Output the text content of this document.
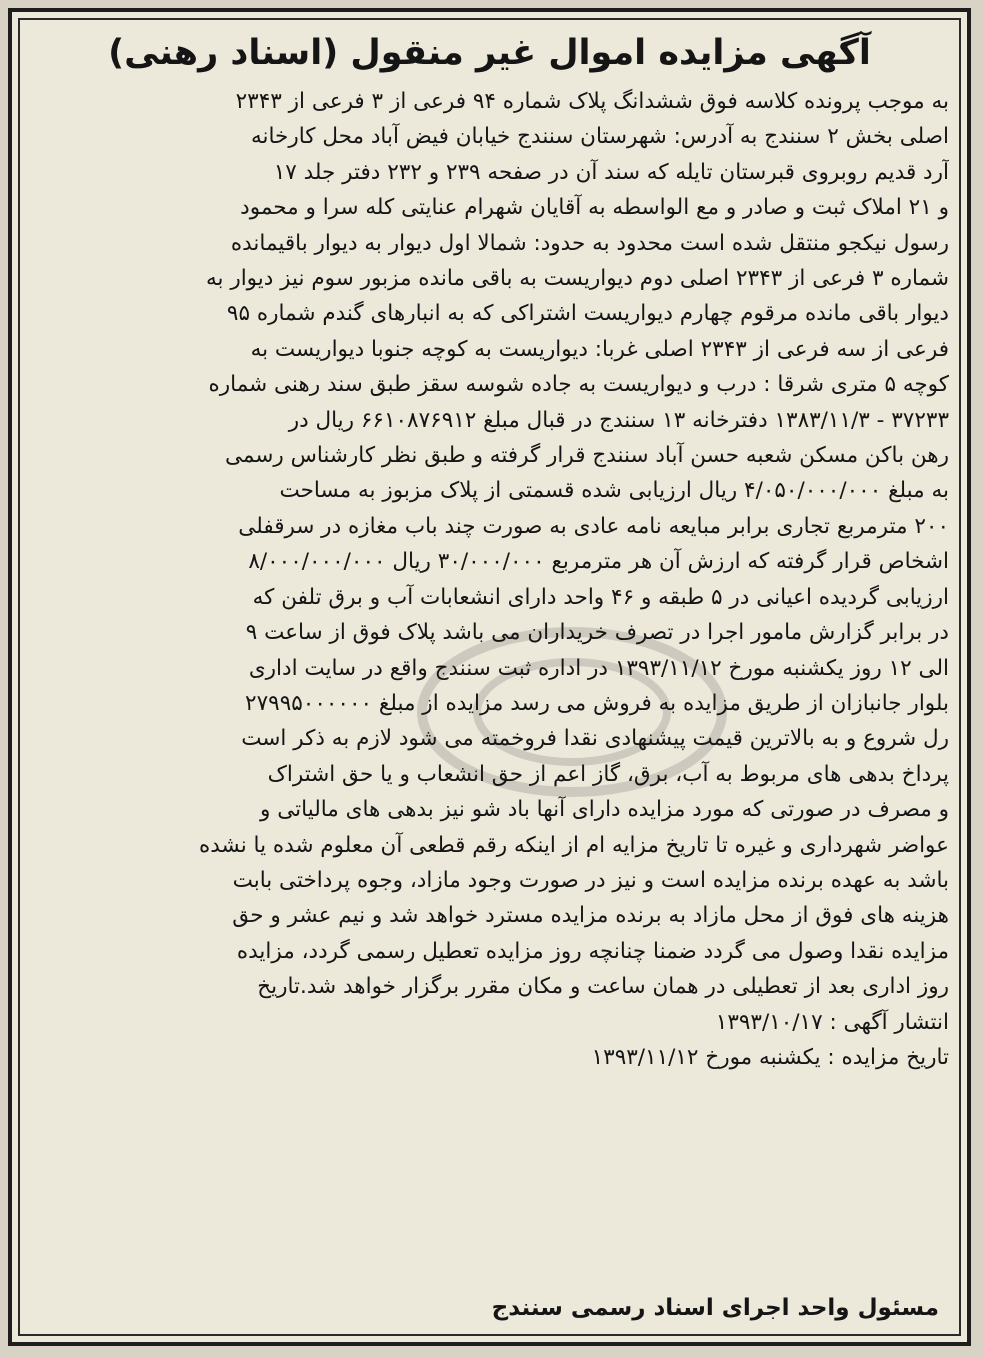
آگهی مزایده اموال غیر منقول (اسناد رهنی)
به موجب پرونده کلاسه فوق ششدانگ پلاک شماره ۹۴ فرعی از ۳ فرعی از ۲۳۴۳
اصلی بخش ۲ سنندج به آدرس: شهرستان سنندج خیابان فیض آباد محل کارخانه
آرد قدیم روبروی قبرستان تایله که سند آن در صفحه ۲۳۹ و ۲۳۲ دفتر جلد ۱۷
و ۲۱ املاک ثبت و صادر و مع الواسطه به آقایان شهرام عنایتی کله سرا و محمود
رسول نیکجو منتقل شده است محدود به حدود: شمالا اول دیوار به دیوار باقیمانده
شماره ۳ فرعی از ۲۳۴۳ اصلی دوم دیواریست به باقی مانده مزبور سوم نیز دیوار به
دیوار باقی مانده مرقوم چهارم دیواریست اشتراکی که به انبارهای گندم شماره ۹۵
فرعی از سه فرعی از ۲۳۴۳ اصلی غربا: دیواریست به کوچه جنوبا دیواریست به
کوچه ۵ متری شرقا : درب و دیواریست به جاده شوسه سقز طبق سند رهنی شماره
۳۷۲۳۳ - ۱۳۸۳/۱۱/۳ دفترخانه ۱۳ سنندج در قبال مبلغ ۶۶۱۰۸۷۶۹۱۲ ریال در
رهن باکن مسکن شعبه حسن آباد سنندج قرار گرفته و طبق نظر کارشناس رسمی
به مبلغ ۴/۰۵۰/۰۰۰/۰۰۰ ریال ارزیابی شده قسمتی از پلاک مزبوز به مساحت
۲۰۰ مترمربع تجاری برابر مبایعه نامه عادی به صورت چند باب مغازه در سرقفلی
اشخاص قرار گرفته که ارزش آن هر مترمربع ۳۰/۰۰۰/۰۰۰ ریال ۸/۰۰۰/۰۰۰/۰۰۰
ارزیابی گردیده اعیانی در ۵ طبقه و ۴۶ واحد دارای انشعابات آب و برق تلفن که
در برابر گزارش مامور اجرا در تصرف خریداران می باشد پلاک فوق از ساعت ۹
الی ۱۲ روز یکشنبه مورخ ۱۳۹۳/۱۱/۱۲ در اداره ثبت سنندج واقع در سایت اداری
بلوار جانبازان از طریق مزایده به فروش می رسد مزایده از مبلغ ۲۷۹۹۵۰۰۰۰۰۰
رل شروع و به بالاترین قیمت پیشنهادی نقدا فروخمته می شود لازم به ذکر است
پرداخ بدهی های مربوط به آب، برق، گاز اعم از حق انشعاب و یا حق اشتراک
و مصرف در صورتی که مورد مزایده دارای آنها باد شو نیز بدهی های مالیاتی و
عواضر شهرداری و غیره تا تاریخ مزایه ام از اینکه رقم قطعی آن معلوم شده یا نشده
باشد به عهده برنده مزایده است و نیز در صورت وجود مازاد، وجوه پرداختی بابت
هزینه های فوق از محل مازاد به برنده مزایده مسترد خواهد شد و نیم عشر و حق
مزایده نقدا وصول می گردد ضمنا چنانچه روز مزایده تعطیل رسمی گردد، مزایده
روز اداری بعد از تعطیلی در همان ساعت و مکان مقرر برگزار خواهد شد.تاریخ
انتشار آگهی : ۱۳۹۳/۱۰/۱۷
تاریخ مزایده : یکشنبه مورخ ۱۳۹۳/۱۱/۱۲
مسئول واحد اجرای اسناد رسمی سنندج
